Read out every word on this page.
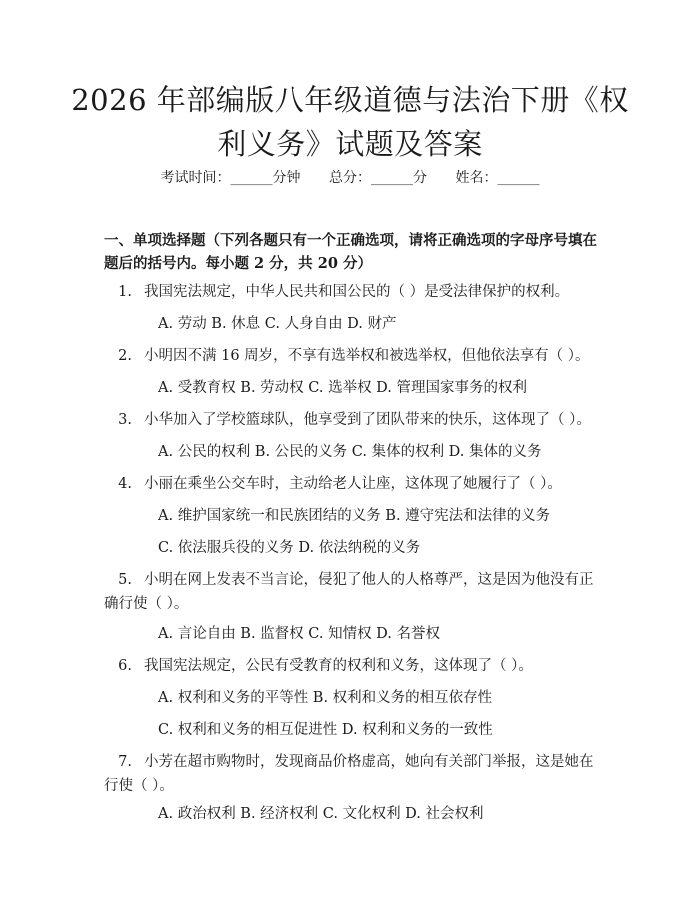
2026 年部编版八年级道德与法治下册《权利义务》试题及答案
考试时间：______分钟 总分：______分 姓名：______
一、单项选择题（下列各题只有一个正确选项，请将正确选项的字母序号填在题后的括号内。每小题 2 分，共 20 分）
1. 我国宪法规定，中华人民共和国公民的（ ）是受法律保护的权利。
A. 劳动 B. 休息 C. 人身自由 D. 财产
2. 小明因不满 16 周岁，不享有选举权和被选举权，但他依法享有（ ）。
A. 受教育权 B. 劳动权 C. 选举权 D. 管理国家事务的权利
3. 小华加入了学校篮球队，他享受到了团队带来的快乐，这体现了（ ）。
A. 公民的权利 B. 公民的义务 C. 集体的权利 D. 集体的义务
4. 小丽在乘坐公交车时，主动给老人让座，这体现了她履行了（ ）。
A. 维护国家统一和民族团结的义务 B. 遵守宪法和法律的义务
C. 依法服兵役的义务 D. 依法纳税的义务
5. 小明在网上发表不当言论，侵犯了他人的人格尊严，这是因为他没有正确行使（ ）。
A. 言论自由 B. 监督权 C. 知情权 D. 名誉权
6. 我国宪法规定，公民有受教育的权利和义务，这体现了（ ）。
A. 权利和义务的平等性 B. 权利和义务的相互依存性
C. 权利和义务的相互促进性 D. 权利和义务的一致性
7. 小芳在超市购物时，发现商品价格虚高，她向有关部门举报，这是她在行使（ ）。
A. 政治权利 B. 经济权利 C. 文化权利 D. 社会权利
